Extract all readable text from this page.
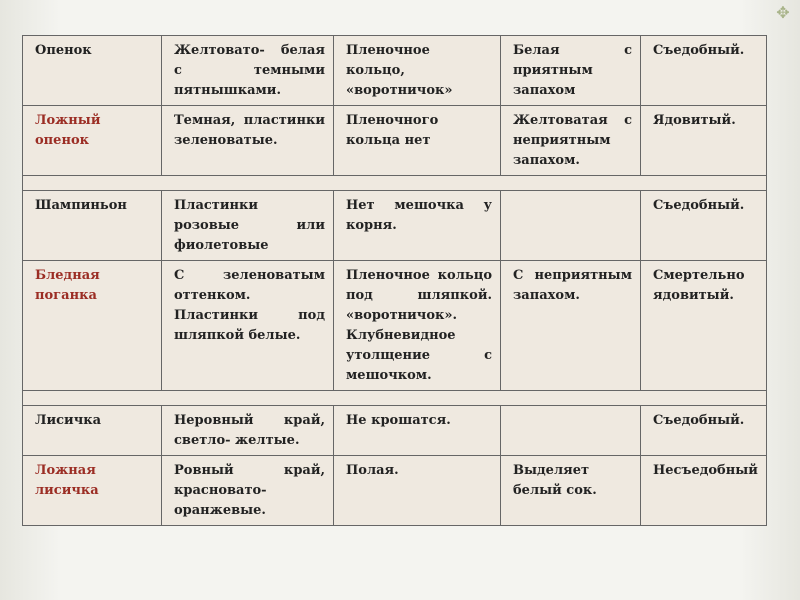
✥
Опенок	Желтовато- белая с темными пятнышками.	Пленочное кольцо, «воротничок»	Белая с приятным запахом	Съедобный.
Ложный опенок	Темная, пластинки зеленоватые.	Пленочного кольца нет	Желтоватая с неприятным запахом.	Ядовитый.

Шампиньон	Пластинки розовые или фиолетовые	Нет мешочка у корня.		Съедобный.
Бледная поганка	С зеленоватым оттенком. Пластинки под шляпкой белые.	Пленочное кольцо под шляпкой. «воротничок». Клубневидное утолщение с мешочком.	С неприятным запахом.	Смертельно ядовитый.

Лисичка	Неровный край, светло- желтые.	Не крошатся.		Съедобный.
Ложная лисичка	Ровный край, красновато- оранжевые.	Полая.	Выделяет белый сок.	Несъедобный
